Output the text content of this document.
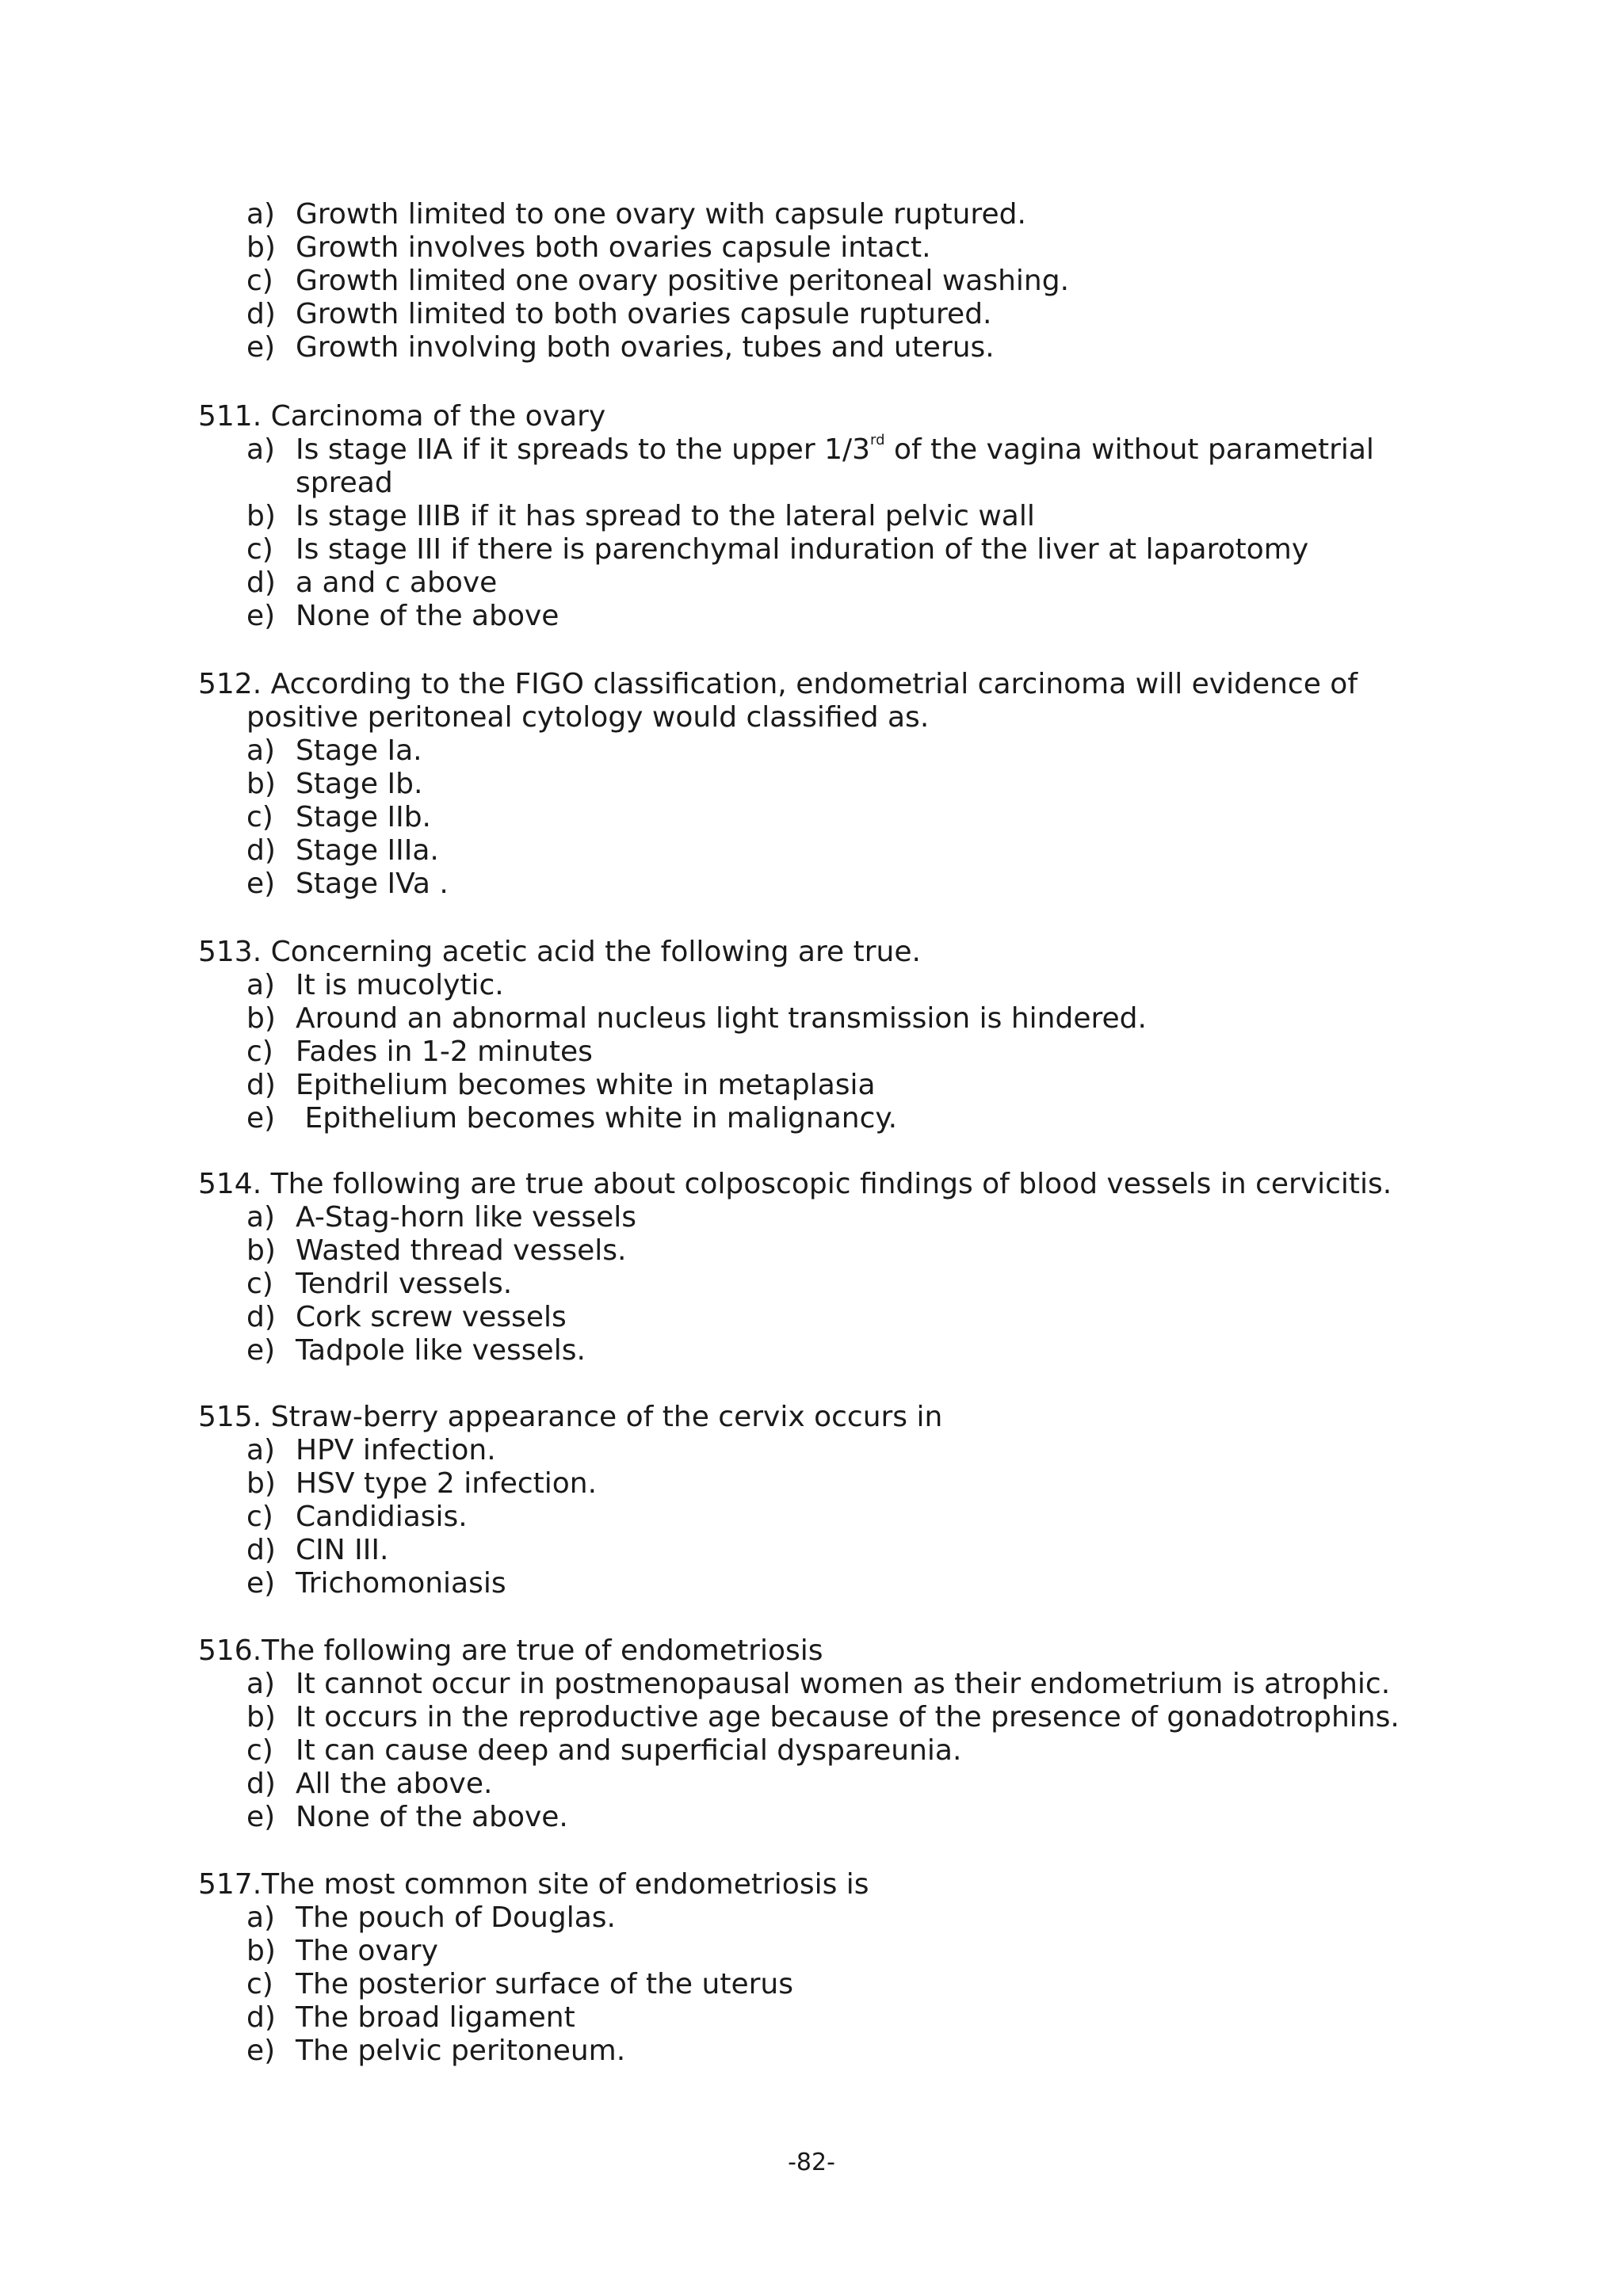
a) Growth limited to one ovary with capsule ruptured.
b) Growth involves both ovaries capsule intact.
c) Growth limited one ovary positive peritoneal washing.
d) Growth limited to both ovaries capsule ruptured.
e) Growth involving both ovaries, tubes and uterus.
511. Carcinoma of the ovary
a) Is stage IIA if it spreads to the upper 1/3rd of the vagina without parametrial
spread
b) Is stage IIIB if it has spread to the lateral pelvic wall
c) Is stage III if there is parenchymal induration of the liver at laparotomy
d) a and c above
e) None of the above
512. According to the FIGO classification, endometrial carcinoma will evidence of
positive peritoneal cytology would classified as.
a) Stage Ia.
b) Stage Ib.
c) Stage IIb.
d) Stage IIIa.
e) Stage IVa .
513. Concerning acetic acid the following are true.
a) It is mucolytic.
b) Around an abnormal nucleus light transmission is hindered.
c) Fades in 1-2 minutes
d) Epithelium becomes white in metaplasia
e) Epithelium becomes white in malignancy.
514. The following are true about colposcopic findings of blood vessels in cervicitis.
a) A-Stag-horn like vessels
b) Wasted thread vessels.
c) Tendril vessels.
d) Cork screw vessels
e) Tadpole like vessels.
515. Straw-berry appearance of the cervix occurs in
a) HPV infection.
b) HSV type 2 infection.
c) Candidiasis.
d) CIN III.
e) Trichomoniasis
516.The following are true of endometriosis
a) It cannot occur in postmenopausal women as their endometrium is atrophic.
b) It occurs in the reproductive age because of the presence of gonadotrophins.
c) It can cause deep and superficial dyspareunia.
d) All the above.
e) None of the above.
517.The most common site of endometriosis is
a) The pouch of Douglas.
b) The ovary
c) The posterior surface of the uterus
d) The broad ligament
e) The pelvic peritoneum.
-82-
